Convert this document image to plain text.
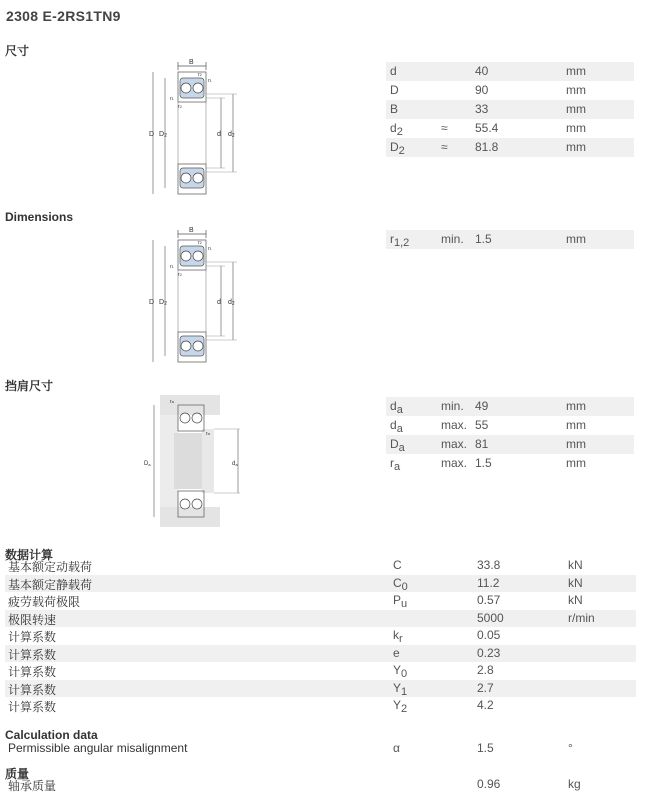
2308 E-2RS1TN9
尺寸
Dimensions
挡肩尺寸
数据计算
Calculation data
质量
B
D D2	d d2
r2
r1
r1
r2
B
D D2	d d2
r2
r1
r1
r2
Da	da
ra
ra
d	40	mm
D	90	mm
B	33	mm
$d_2$	≈ 55.4	mm
$D_2$	≈ 81.8	mm
$r_{1,2}$	min. 1.5	mm
$d_a$	min. 49	mm
$d_a$	max. 55	mm
$D_a$	max. 81	mm
$r_a$	max. 1.5	mm
基本额定动载荷	C	33.8	kN
基本额定静载荷	$C_0$	11.2	kN
疲劳载荷极限	$P_u$	0.57	kN
极限转速	5000	r/min
计算系数	$k_r$	0.05
计算系数	e	0.23
计算系数	$Y_0$	2.8
计算系数	$Y_1$	2.7
计算系数	$Y_2$	4.2
Permissible angular misalignment	α	1.5	°
轴承质量	0.96	kg
